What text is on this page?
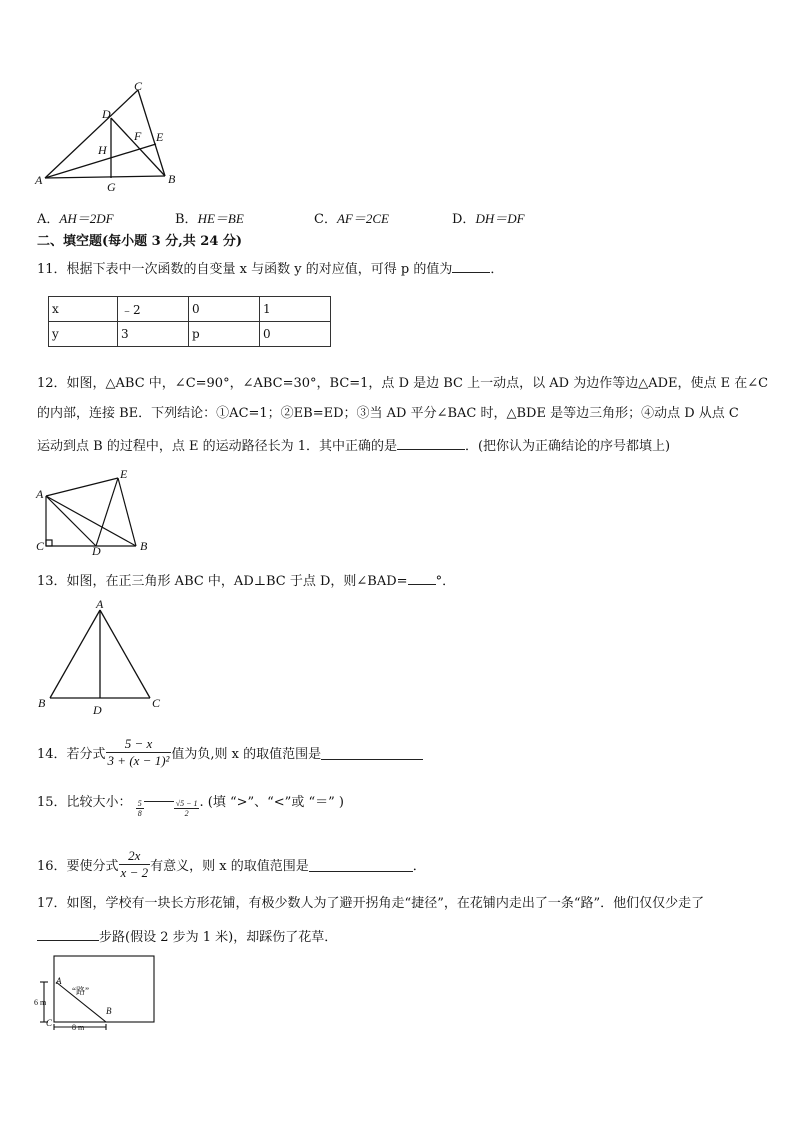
C
D
F E
H
A	G
B
A．AH＝2DF	B．HE＝BE	C．AF＝2CE	D．DH＝DF
二、填空题(每小题 3 分,共 24 分)
11．根据下表中一次函数的自变量 x 与函数 y 的对应值，可得 p 的值为	．
x	﹣2	0	1
y	3	p	0
12．如图，△ABC 中，∠C=90°，∠ABC=30°，BC=1，点 D 是边 BC 上一动点，以 AD 为边作等边△ADE，使点 E 在∠C
的内部，连接 BE．下列结论：①AC=1；②EB=ED；③当 AD 平分∠BAC 时，△BDE 是等边三角形；④动点 D 从点 C
运动到点 B 的过程中，点 E 的运动路径长为 1．其中正确的是	．(把你认为正确结论的序号都填上)
E
A
C	D	B
13．如图，在正三角形 ABC 中，AD⊥BC 于点 D，则∠BAD= °．
A
B	C
D
14．若分式 $\frac{5 - x}{\text{3 + (x − 1)²}}$ 值为负,则 x 的取值范围是
15．比较大小： $\frac{5}{8}$	$\frac{√5 - 1}{2}$ . (填 “>”、“<”或 “＝” )
16．要使分式 $\frac{2x}{x - 2}$ 有意义，则 x 的取值范围是	．
17．如图，学校有一块长方形花铺，有极少数人为了避开拐角走“捷径”，在花铺内走出了一条“路”．他们仅仅少走了
步路(假设 2 步为 1 米)，却踩伤了花草．
A
B
C
“路”
6 m
8 m
